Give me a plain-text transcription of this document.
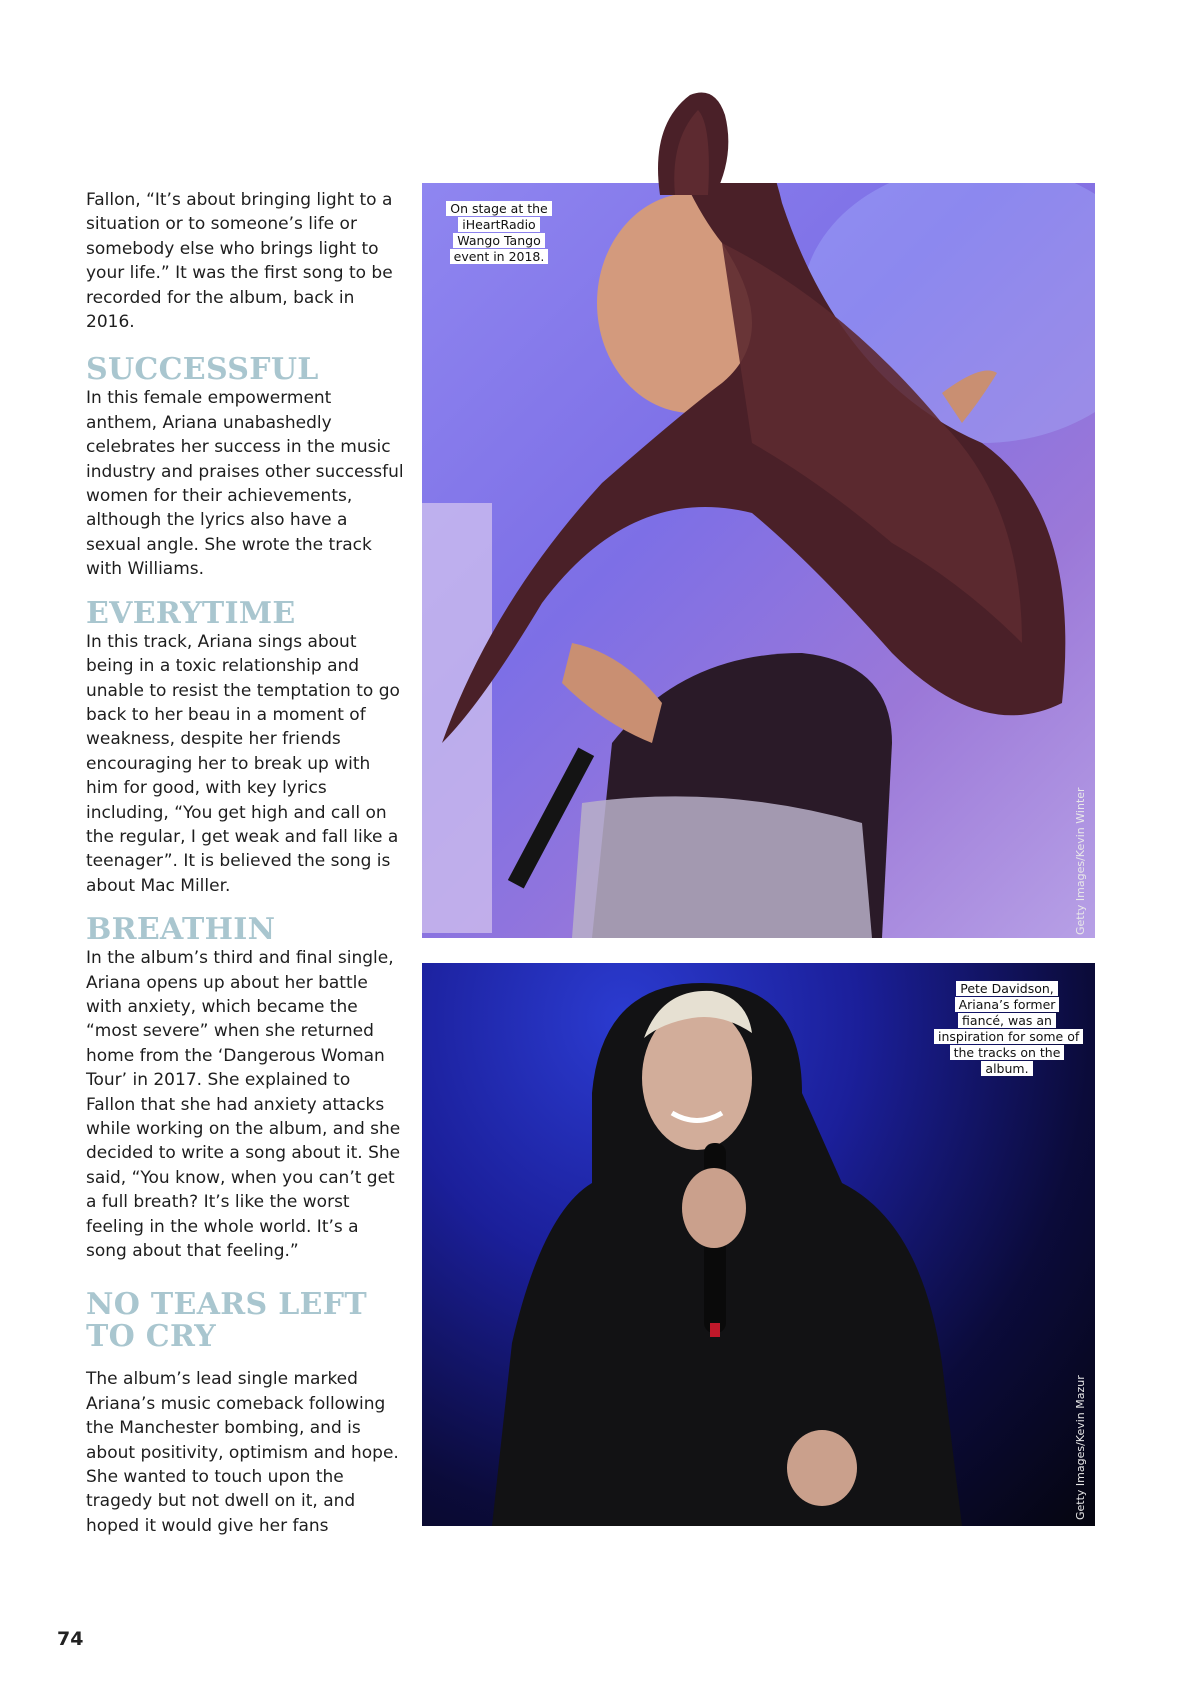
Fallon, “It’s about bringing light to a situation or to someone’s life or somebody else who brings light to your life.” It was the first song to be recorded for the album, back in 2016.

SUCCESSFUL

In this female empowerment anthem, Ariana unabashedly celebrates her success in the music industry and praises other successful women for their achievements, although the lyrics also have a sexual angle. She wrote the track with Williams.

EVERYTIME

In this track, Ariana sings about being in a toxic relationship and unable to resist the temptation to go back to her beau in a moment of weakness, despite her friends encouraging her to break up with him for good, with key lyrics including, “You get high and call on the regular, I get weak and fall like a teenager”. It is believed the song is about Mac Miller.

BREATHIN

In the album’s third and final single, Ariana opens up about her battle with anxiety, which became the “most severe” when she returned home from the ‘Dangerous Woman Tour’ in 2017. She explained to Fallon that she had anxiety attacks while working on the album, and she decided to write a song about it. She said, “You know, when you can’t get a full breath? It’s like the worst feeling in the whole world. It’s a song about that feeling.”

NO TEARS LEFT
TO CRY

The album’s lead single marked Ariana’s music comeback following the Manchester bombing, and is about positivity, optimism and hope. She wanted to touch upon the tragedy but not dwell on it, and hoped it would give her fans

On stage at the iHeartRadio Wango Tango event in 2018.
Getty Images/Kevin Winter
Pete Davidson, Ariana’s former fiancé, was an inspiration for some of the tracks on the album.
Getty Images/Kevin Mazur
74
